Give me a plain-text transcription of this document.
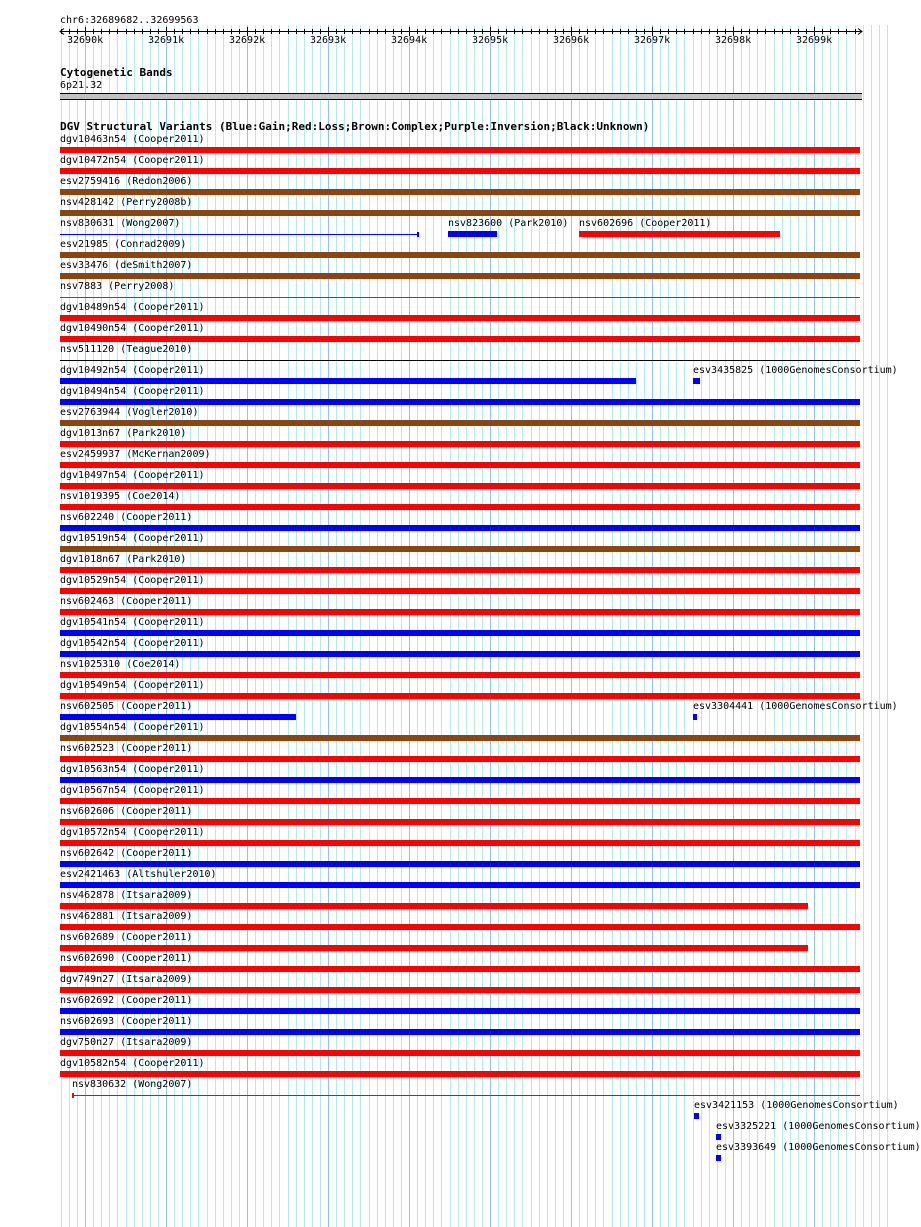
chr6:32689682..32699563
32690k	32691k	32692k	32693k	32694k	32695k	32696k	32697k	32698k	32699k
Cytogenetic Bands
6p21.32
DGV Structural Variants (Blue:Gain;Red:Loss;Brown:Complex;Purple:Inversion;Black:Unknown)
dgv10463n54 (Cooper2011)
dgv10472n54 (Cooper2011)
esv2759416 (Redon2006)
nsv428142 (Perry2008b)
nsv830631 (Wong2007)	nsv823600 (Park2010) nsv602696 (Cooper2011)
esv21985 (Conrad2009)
esv33476 (deSmith2007)
nsv7883 (Perry2008)
dgv10489n54 (Cooper2011)
dgv10490n54 (Cooper2011)
nsv511120 (Teague2010)
dgv10492n54 (Cooper2011)	esv3435825 (1000GenomesConsortium)
dgv10494n54 (Cooper2011)
esv2763944 (Vogler2010)
dgv1013n67 (Park2010)
esv2459937 (McKernan2009)
dgv10497n54 (Cooper2011)
nsv1019395 (Coe2014)
nsv602240 (Cooper2011)
dgv10519n54 (Cooper2011)
dgv1018n67 (Park2010)
dgv10529n54 (Cooper2011)
nsv602463 (Cooper2011)
dgv10541n54 (Cooper2011)
dgv10542n54 (Cooper2011)
nsv1025310 (Coe2014)
dgv10549n54 (Cooper2011)
nsv602505 (Cooper2011)	esv3304441 (1000GenomesConsortium)
dgv10554n54 (Cooper2011)
nsv602523 (Cooper2011)
dgv10563n54 (Cooper2011)
dgv10567n54 (Cooper2011)
nsv602606 (Cooper2011)
dgv10572n54 (Cooper2011)
nsv602642 (Cooper2011)
esv2421463 (Altshuler2010)
nsv462878 (Itsara2009)
nsv462881 (Itsara2009)
nsv602689 (Cooper2011)
nsv602690 (Cooper2011)
dgv749n27 (Itsara2009)
nsv602692 (Cooper2011)
nsv602693 (Cooper2011)
dgv750n27 (Itsara2009)
dgv10582n54 (Cooper2011)
nsv830632 (Wong2007)
esv3421153 (1000GenomesConsortium)
esv3325221 (1000GenomesConsortium)
esv3393649 (1000GenomesConsortium)
